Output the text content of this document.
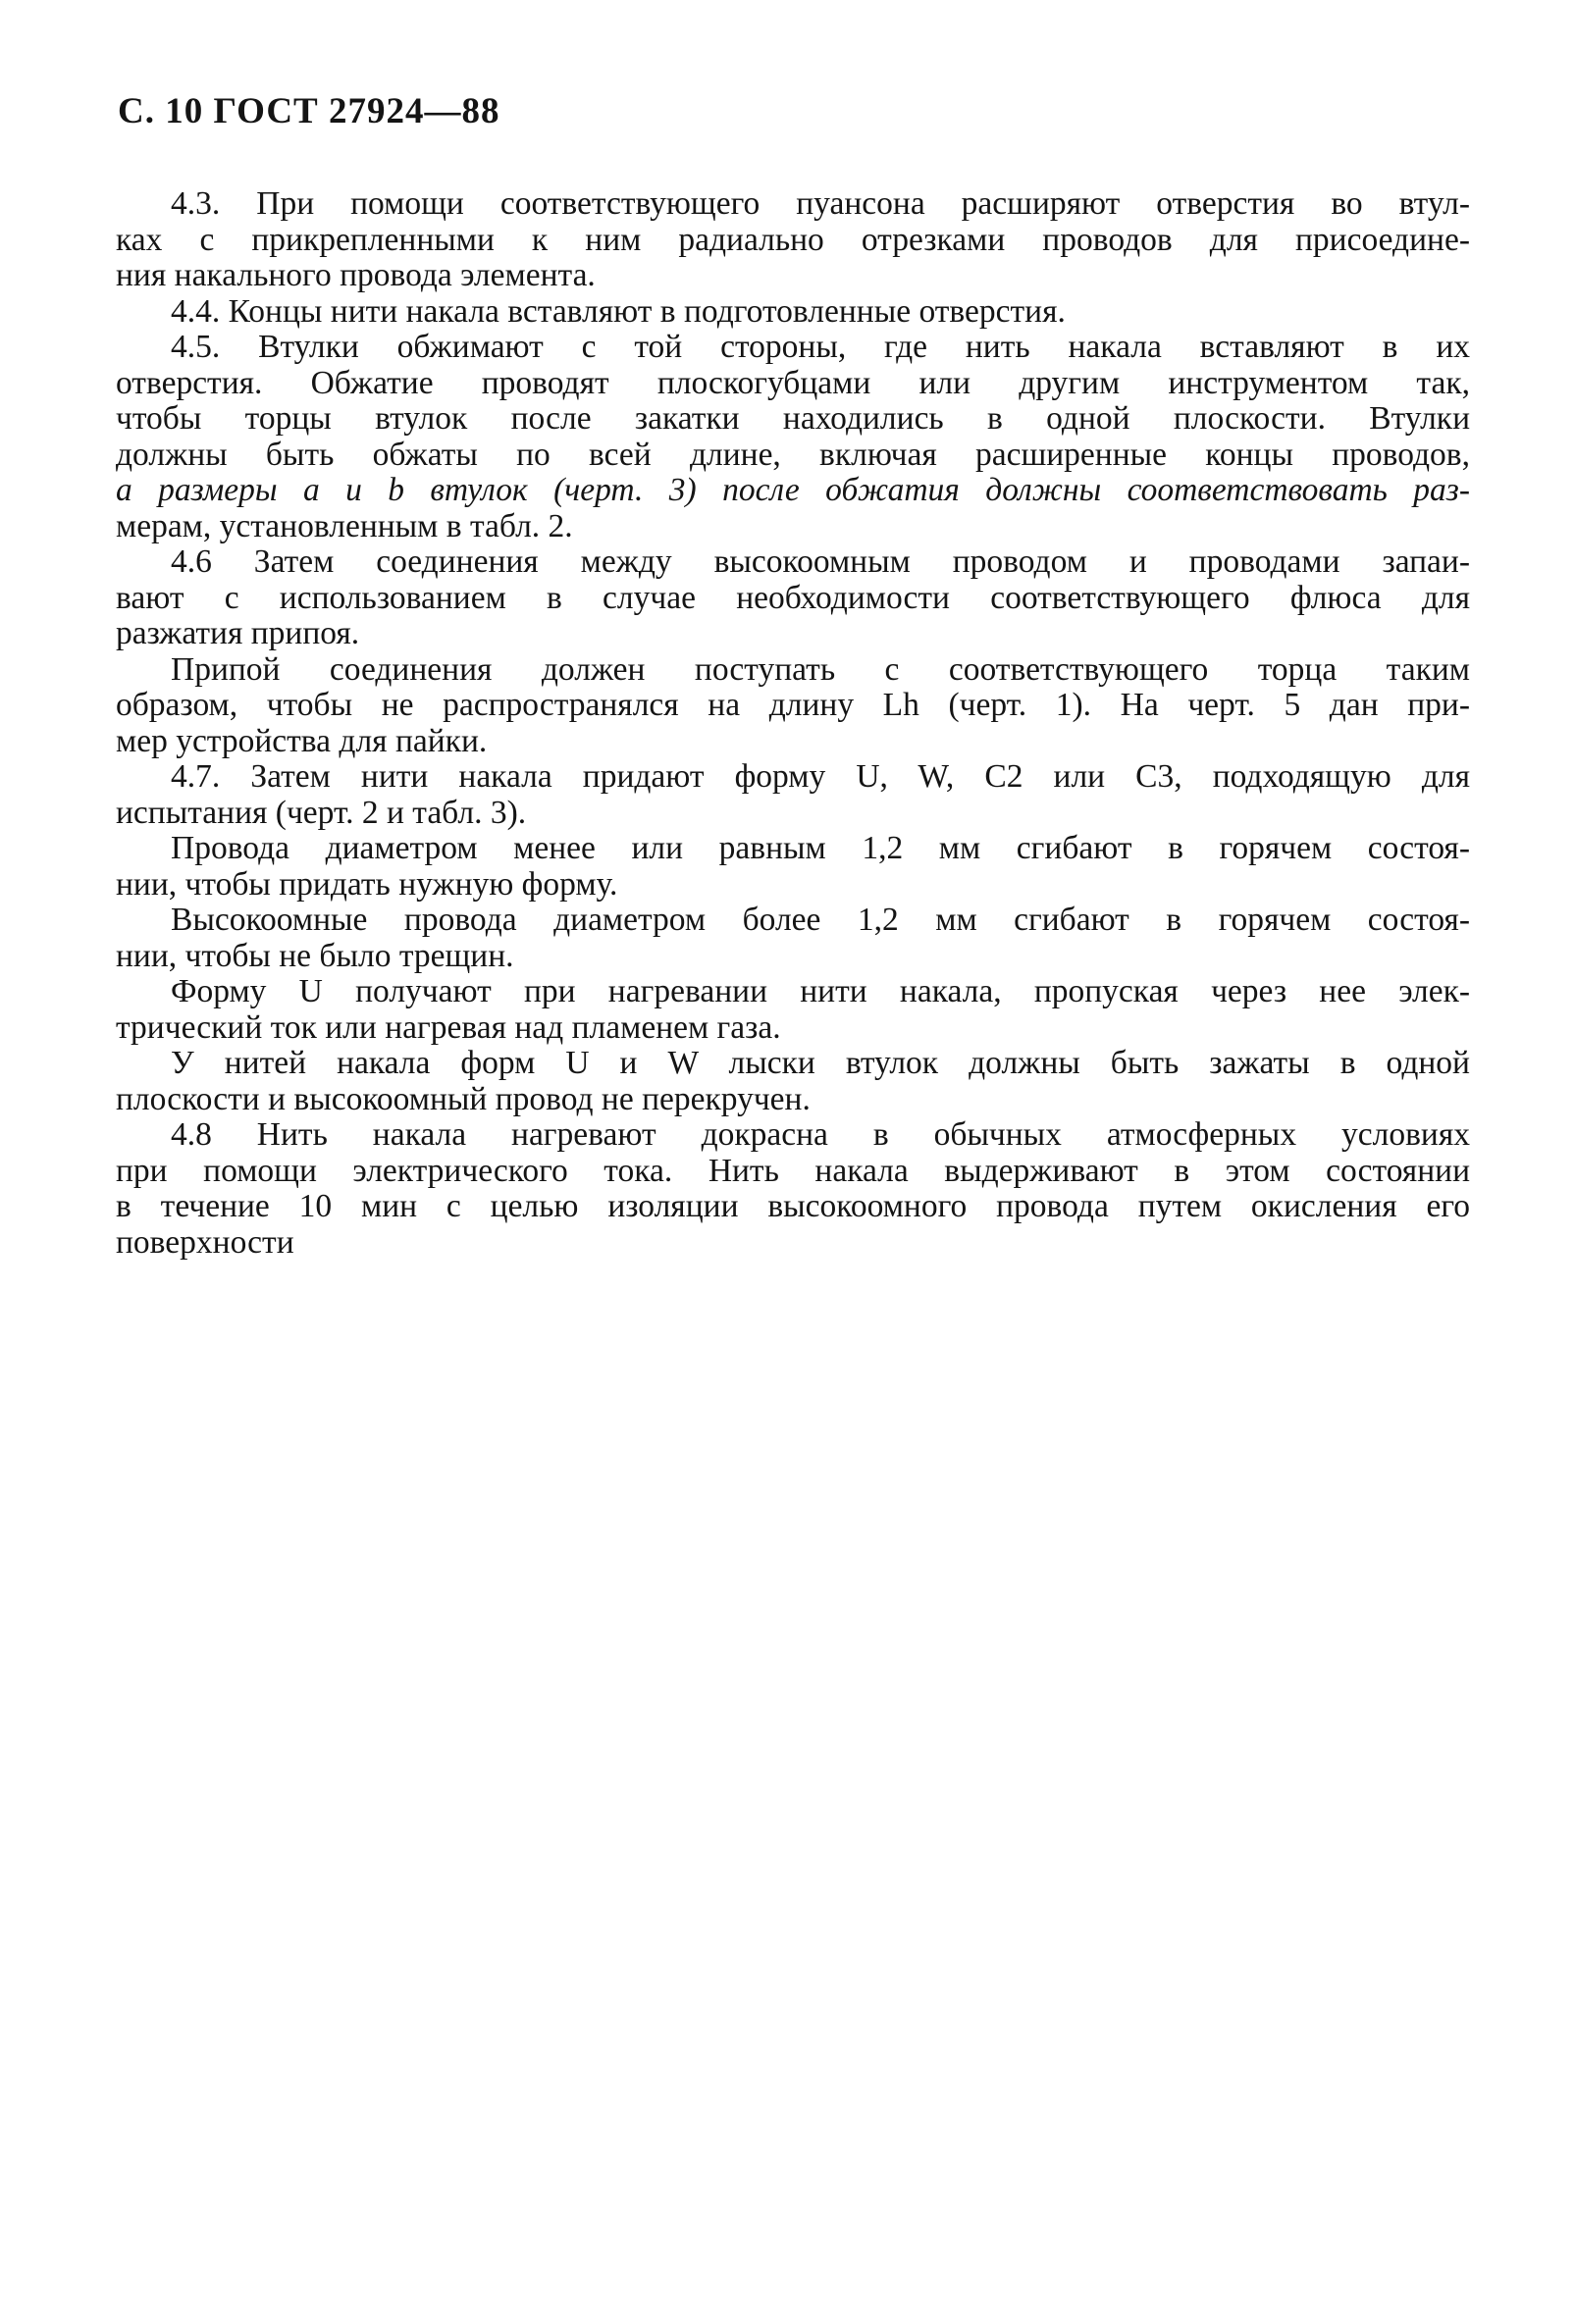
С. 10 ГОСТ 27924—88
4.3. При помощи соответствующего пуансона расширяют отверстия во втул-
ках с прикрепленными к ним радиально отрезками проводов для присоедине-
ния накального провода элемента.
4.4. Концы нити накала вставляют в подготовленные отверстия.
4.5. Втулки обжимают с той стороны, где нить накала вставляют в их
отверстия. Обжатие проводят плоскогубцами или другим инструментом так,
чтобы торцы втулок после закатки находились в одной плоскости. Втулки
должны быть обжаты по всей длине, включая расширенные концы проводов,
а размеры a и b втулок (черт. 3) после обжатия должны соответствовать раз-
мерам, установленным в табл. 2.
4.6 Затем соединения между высокоомным проводом и проводами запаи-
вают с использованием в случае необходимости соответствующего флюса для
разжатия припоя.
Припой соединения должен поступать с соответствующего торца таким
образом, чтобы не распространялся на длину Lh (черт. 1). На черт. 5 дан при-
мер устройства для пайки.
4.7. Затем нити накала придают форму U, W, C2 или C3, подходящую для
испытания (черт. 2 и табл. 3).
Провода диаметром менее или равным 1,2 мм сгибают в горячем состоя-
нии, чтобы придать нужную форму.
Высокоомные провода диаметром более 1,2 мм сгибают в горячем состоя-
нии, чтобы не было трещин.
Форму U получают при нагревании нити накала, пропуская через нее элек-
трический ток или нагревая над пламенем газа.
У нитей накала форм U и W лыски втулок должны быть зажаты в одной
плоскости и высокоомный провод не перекручен.
4.8 Нить накала нагревают докрасна в обычных атмосферных условиях
при помощи электрического тока. Нить накала выдерживают в этом состоянии
в течение 10 мин с целью изоляции высокоомного провода путем окисления его
поверхности
